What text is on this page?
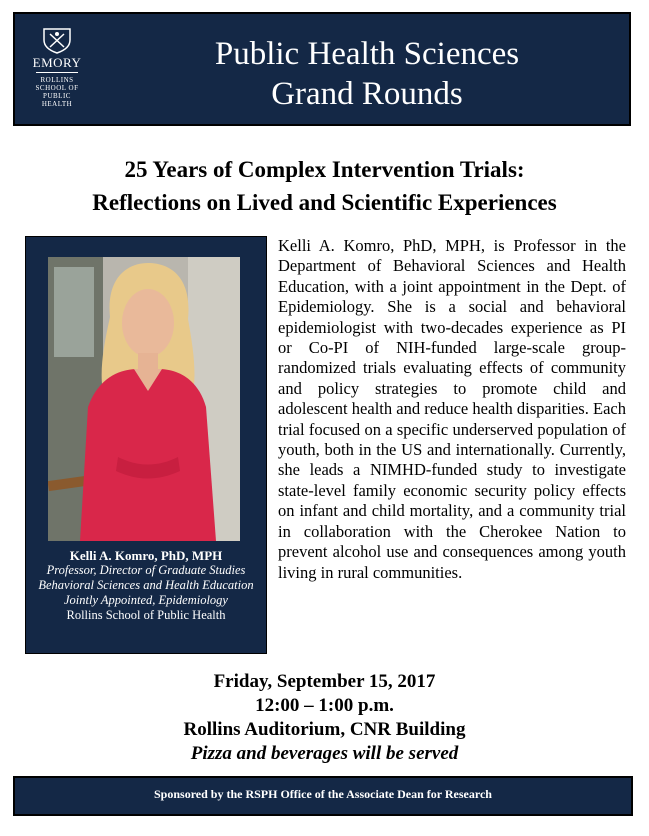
EMORY
ROLLINS
SCHOOL OF
PUBLIC
HEALTH
Public Health Sciences
Grand Rounds
25 Years of Complex Intervention Trials:
Reflections on Lived and Scientific Experiences
Kelli A. Komro, PhD, MPH
Professor, Director of Graduate Studies
Behavioral Sciences and Health Education
Jointly Appointed, Epidemiology
Rollins School of Public Health
Kelli A. Komro, PhD, MPH, is Professor in the Department of Behavioral Sciences and Health Education, with a joint appointment in the Dept. of Epidemiology. She is a social and behavioral epidemiologist with two-decades experience as PI or Co-PI of NIH-funded large-scale group-randomized trials evaluating effects of community and policy strategies to promote child and adolescent health and reduce health disparities. Each trial focused on a specific underserved population of youth, both in the US and internationally. Currently, she leads a NIMHD-funded study to investigate state-level family economic security policy effects on infant and child mortality, and a community trial in collaboration with the Cherokee Nation to prevent alcohol use and consequences among youth living in rural communities.
Friday, September 15, 2017
12:00 – 1:00 p.m.
Rollins Auditorium, CNR Building
Pizza and beverages will be served
Sponsored by the RSPH Office of the Associate Dean for Research
